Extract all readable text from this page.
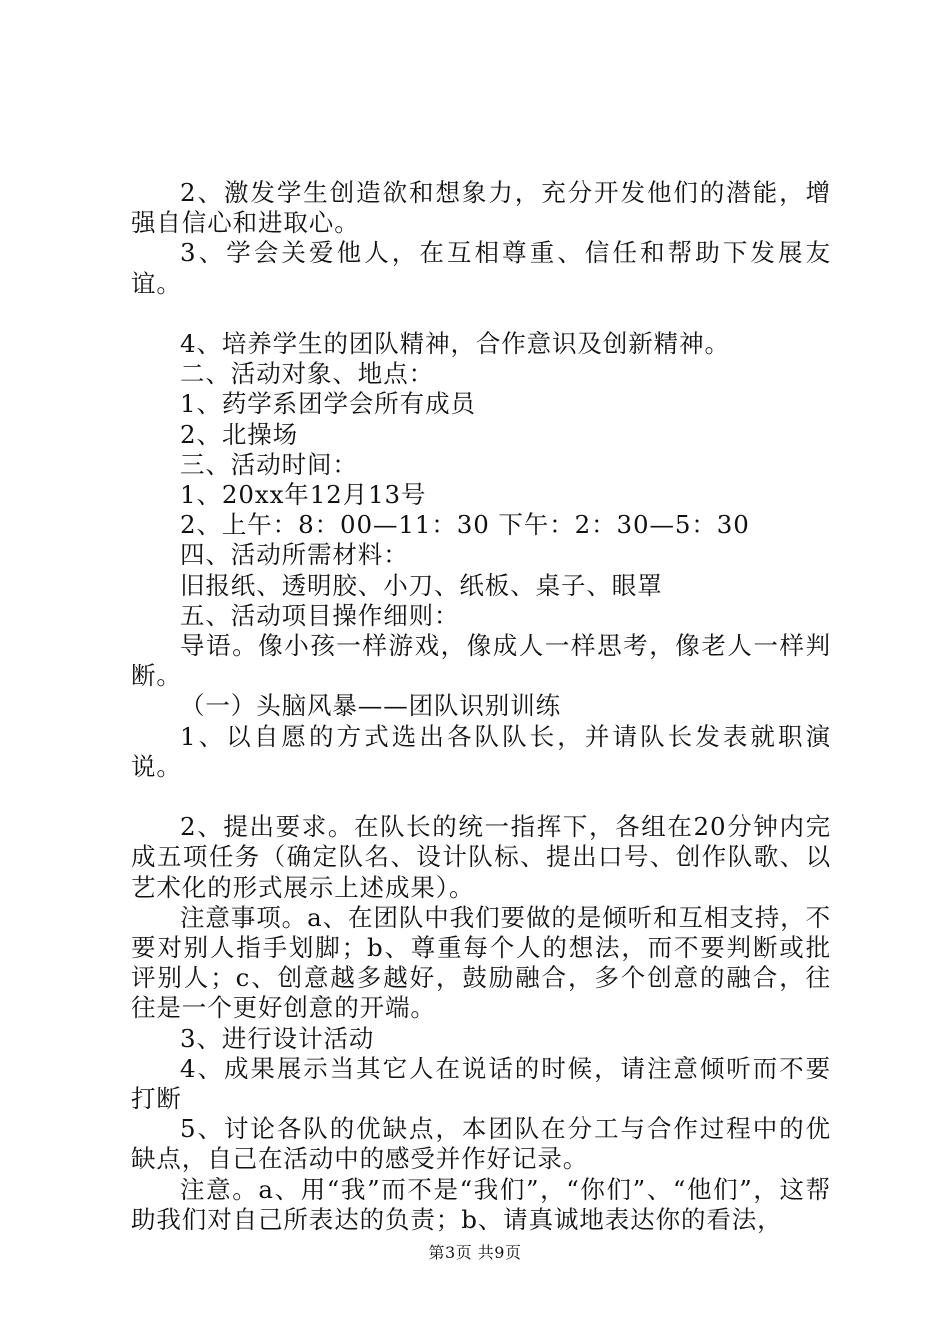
2、激发学生创造欲和想象力，充分开发他们的潜能，增强自信心和进取心。

3、学会关爱他人，在互相尊重、信任和帮助下发展友谊。

4、培养学生的团队精神，合作意识及创新精神。

二、活动对象、地点：

1、药学系团学会所有成员

2、北操场

三、活动时间：

1、20xx年12月13号

2、上午：8：00—11：30 下午：2：30—5：30

四、活动所需材料：

旧报纸、透明胶、小刀、纸板、桌子、眼罩

五、活动项目操作细则：

导语。像小孩一样游戏，像成人一样思考，像老人一样判断。

（一）头脑风暴——团队识别训练

1、以自愿的方式选出各队队长，并请队长发表就职演说。

2、提出要求。在队长的统一指挥下，各组在20分钟内完成五项任务（确定队名、设计队标、提出口号、创作队歌、以艺术化的形式展示上述成果）。

注意事项。a、在团队中我们要做的是倾听和互相支持，不要对别人指手划脚；b、尊重每个人的想法，而不要判断或批评别人；c、创意越多越好，鼓励融合，多个创意的融合，往往是一个更好创意的开端。

3、进行设计活动

4、成果展示当其它人在说话的时候，请注意倾听而不要打断

5、讨论各队的优缺点，本团队在分工与合作过程中的优缺点，自己在活动中的感受并作好记录。

注意。a、用“我”而不是“我们”，“你们”、“他们”，这帮助我们对自己所表达的负责；b、请真诚地表达你的看法，

第3页 共9页
